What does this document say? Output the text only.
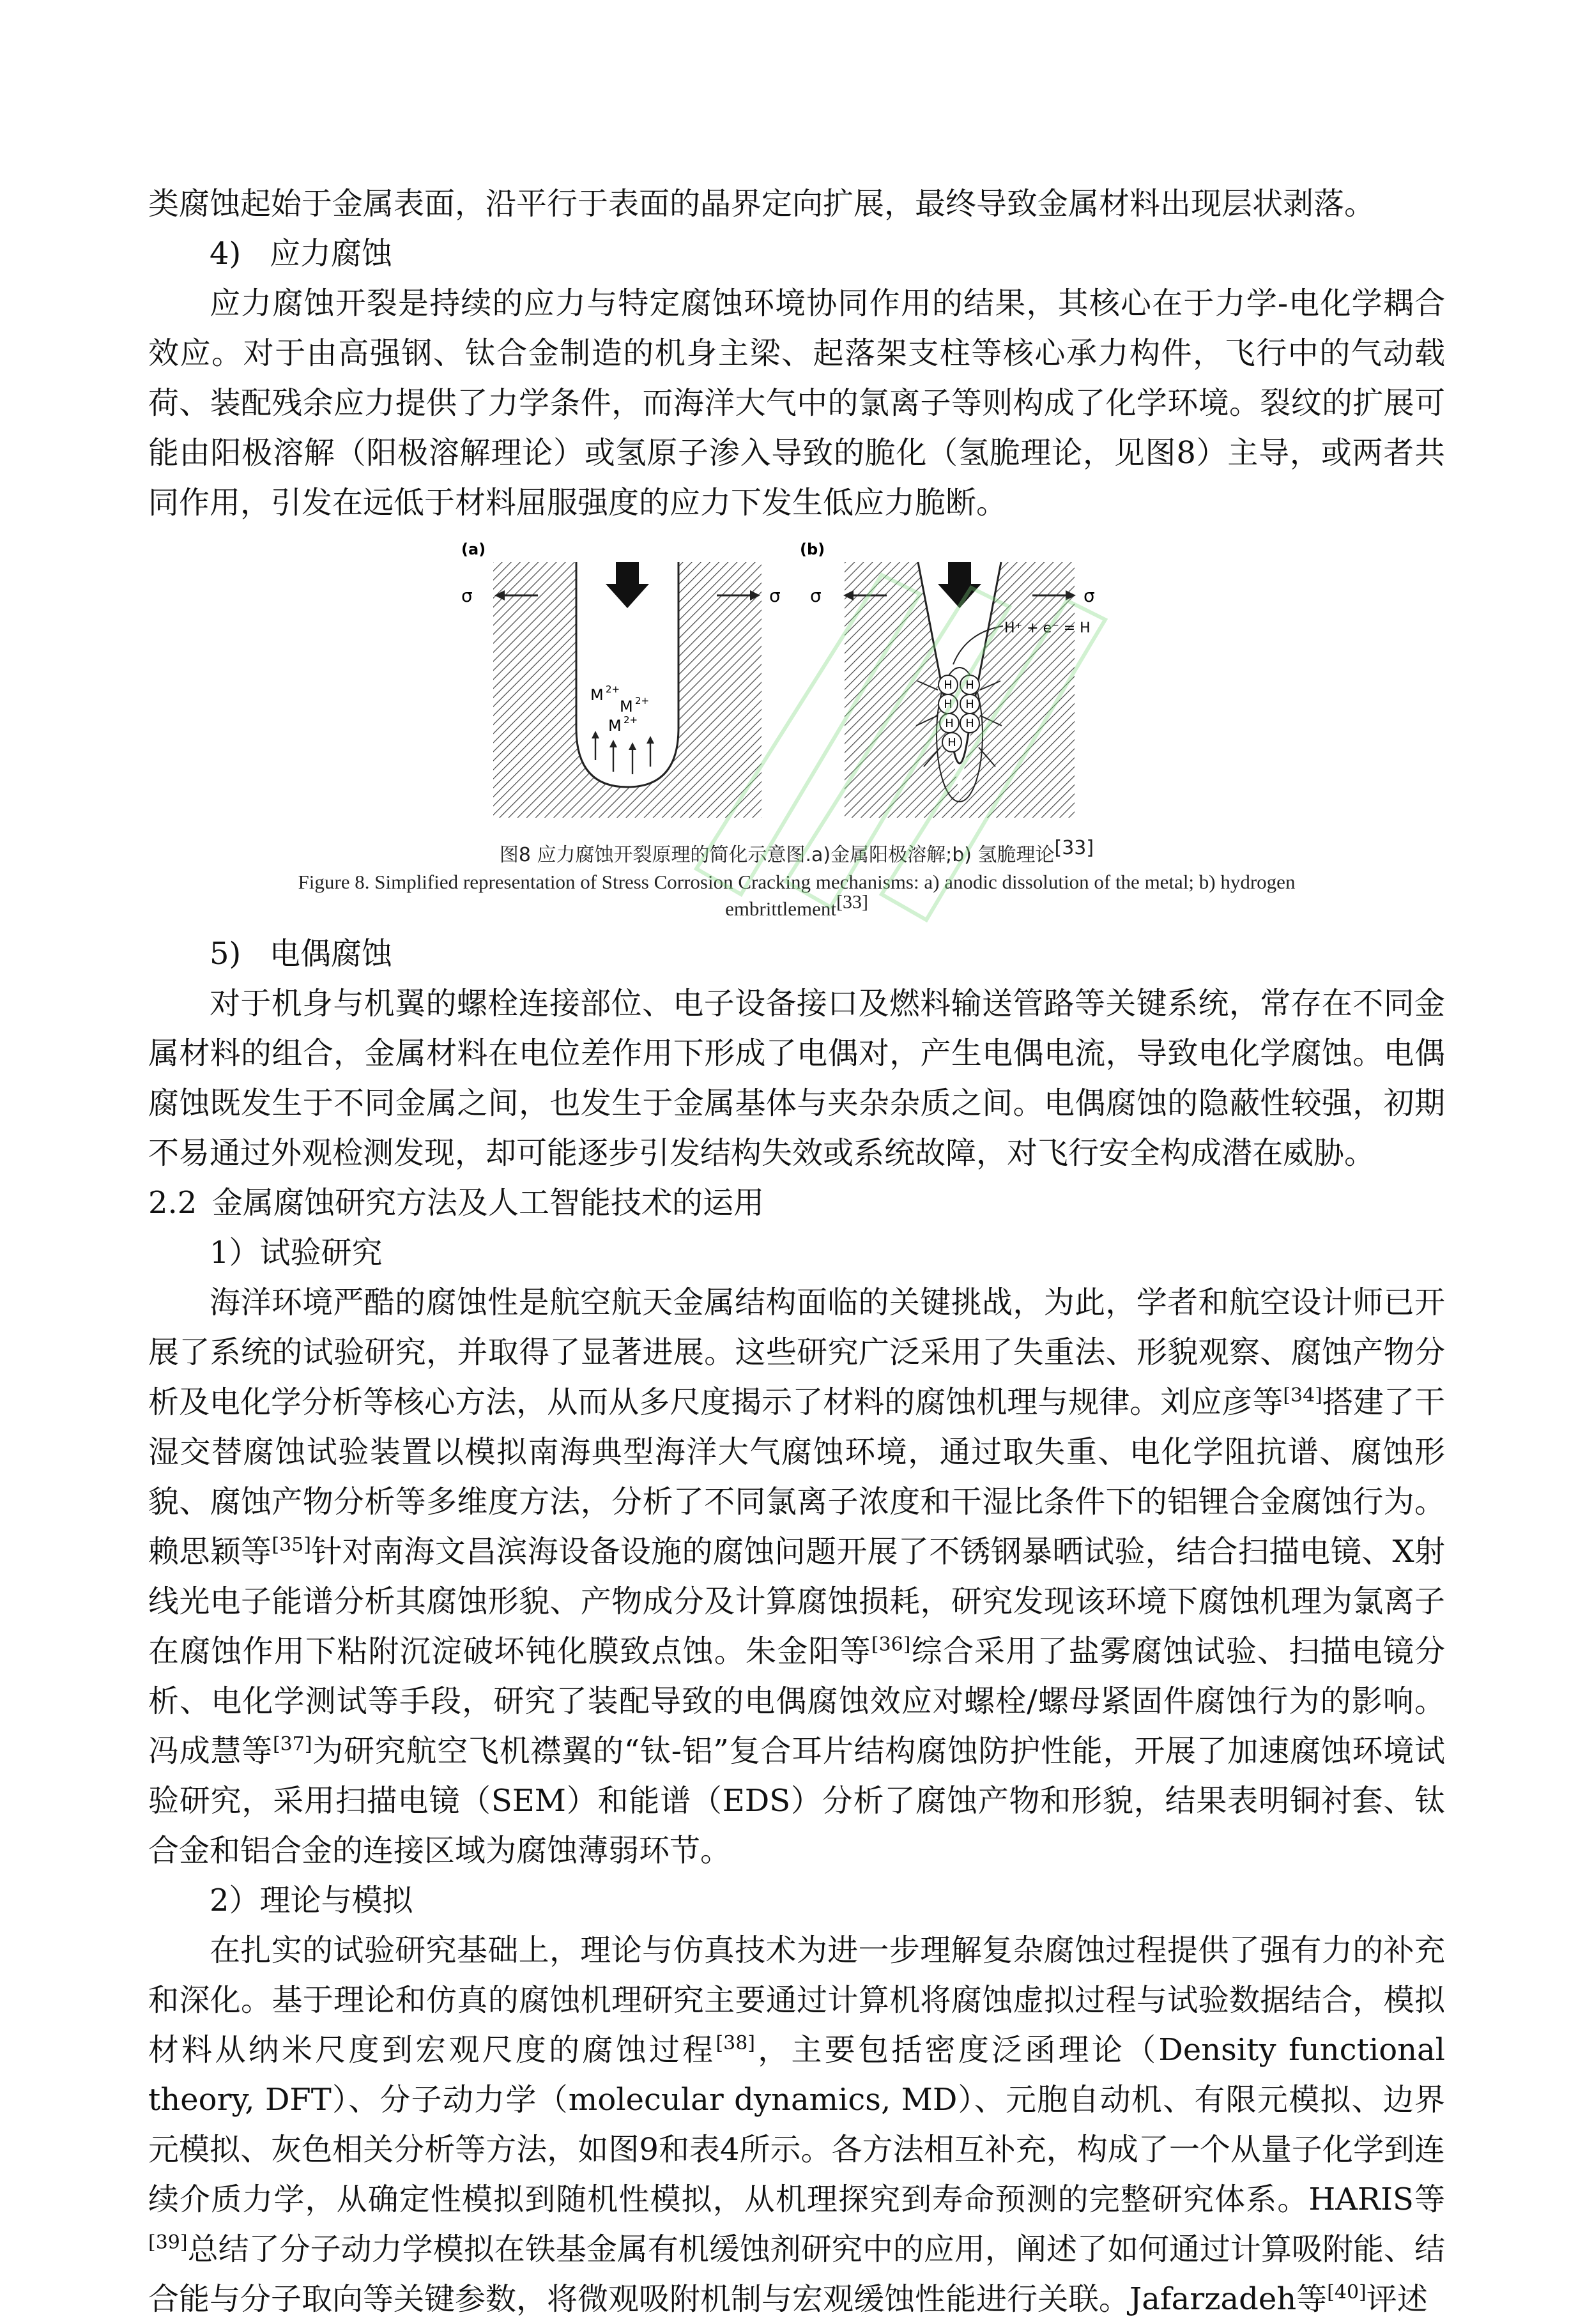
类腐蚀起始于金属表面，沿平行于表面的晶界定向扩展，最终导致金属材料出现层状剥落。

4) 应力腐蚀

应力腐蚀开裂是持续的应力与特定腐蚀环境协同作用的结果，其核心在于力学-电化学耦合效应。对于由高强钢、钛合金制造的机身主梁、起落架支柱等核心承力构件，飞行中的气动载荷、装配残余应力提供了力学条件，而海洋大气中的氯离子等则构成了化学环境。裂纹的扩展可能由阳极溶解（阳极溶解理论）或氢原子渗入导致的脆化（氢脆理论，见图8）主导，或两者共同作用，引发在远低于材料屈服强度的应力下发生低应力脆断。

(a)
σ	σ
M 2+
M 2+
M 2+
(b)
σ	σ
H⁺ + e⁻ = H
H H
H H
H H
H

图8 应力腐蚀开裂原理的简化示意图.a)金属阳极溶解;b) 氢脆理论[33]

Figure 8. Simplified representation of Stress Corrosion Cracking mechanisms: a) anodic dissolution of the metal; b) hydrogen

embrittlement[33]

5) 电偶腐蚀

对于机身与机翼的螺栓连接部位、电子设备接口及燃料输送管路等关键系统，常存在不同金属材料的组合，金属材料在电位差作用下形成了电偶对，产生电偶电流，导致电化学腐蚀。电偶腐蚀既发生于不同金属之间，也发生于金属基体与夹杂杂质之间。电偶腐蚀的隐蔽性较强，初期不易通过外观检测发现，却可能逐步引发结构失效或系统故障，对飞行安全构成潜在威胁。

2.2 金属腐蚀研究方法及人工智能技术的运用

1）试验研究

海洋环境严酷的腐蚀性是航空航天金属结构面临的关键挑战，为此，学者和航空设计师已开展了系统的试验研究，并取得了显著进展。这些研究广泛采用了失重法、形貌观察、腐蚀产物分析及电化学分析等核心方法，从而从多尺度揭示了材料的腐蚀机理与规律。刘应彦等[34]搭建了干湿交替腐蚀试验装置以模拟南海典型海洋大气腐蚀环境，通过取失重、电化学阻抗谱、腐蚀形貌、腐蚀产物分析等多维度方法，分析了不同氯离子浓度和干湿比条件下的铝锂合金腐蚀行为。赖思颖等[35]针对南海文昌滨海设备设施的腐蚀问题开展了不锈钢暴晒试验，结合扫描电镜、X射线光电子能谱分析其腐蚀形貌、产物成分及计算腐蚀损耗，研究发现该环境下腐蚀机理为氯离子在腐蚀作用下粘附沉淀破坏钝化膜致点蚀。朱金阳等[36]综合采用了盐雾腐蚀试验、扫描电镜分析、电化学测试等手段，研究了装配导致的电偶腐蚀效应对螺栓/螺母紧固件腐蚀行为的影响。冯成慧等[37]为研究航空飞机襟翼的“钛-铝”复合耳片结构腐蚀防护性能，开展了加速腐蚀环境试验研究，采用扫描电镜（SEM）和能谱（EDS）分析了腐蚀产物和形貌，结果表明铜衬套、钛合金和铝合金的连接区域为腐蚀薄弱环节。

2）理论与模拟

在扎实的试验研究基础上，理论与仿真技术为进一步理解复杂腐蚀过程提供了强有力的补充和深化。基于理论和仿真的腐蚀机理研究主要通过计算机将腐蚀虚拟过程与试验数据结合，模拟材料从纳米尺度到宏观尺度的腐蚀过程[38]，主要包括密度泛函理论（Density functional theory, DFT）、分子动力学（molecular dynamics, MD）、元胞自动机、有限元模拟、边界元模拟、灰色相关分析等方法，如图9和表4所示。各方法相互补充，构成了一个从量子化学到连续介质力学，从确定性模拟到随机性模拟，从机理探究到寿命预测的完整研究体系。HARIS等[39]总结了分子动力学模拟在铁基金属有机缓蚀剂研究中的应用，阐述了如何通过计算吸附能、结合能与分子取向等关键参数，将微观吸附机制与宏观缓蚀性能进行关联。Jafarzadeh等[40]评述
